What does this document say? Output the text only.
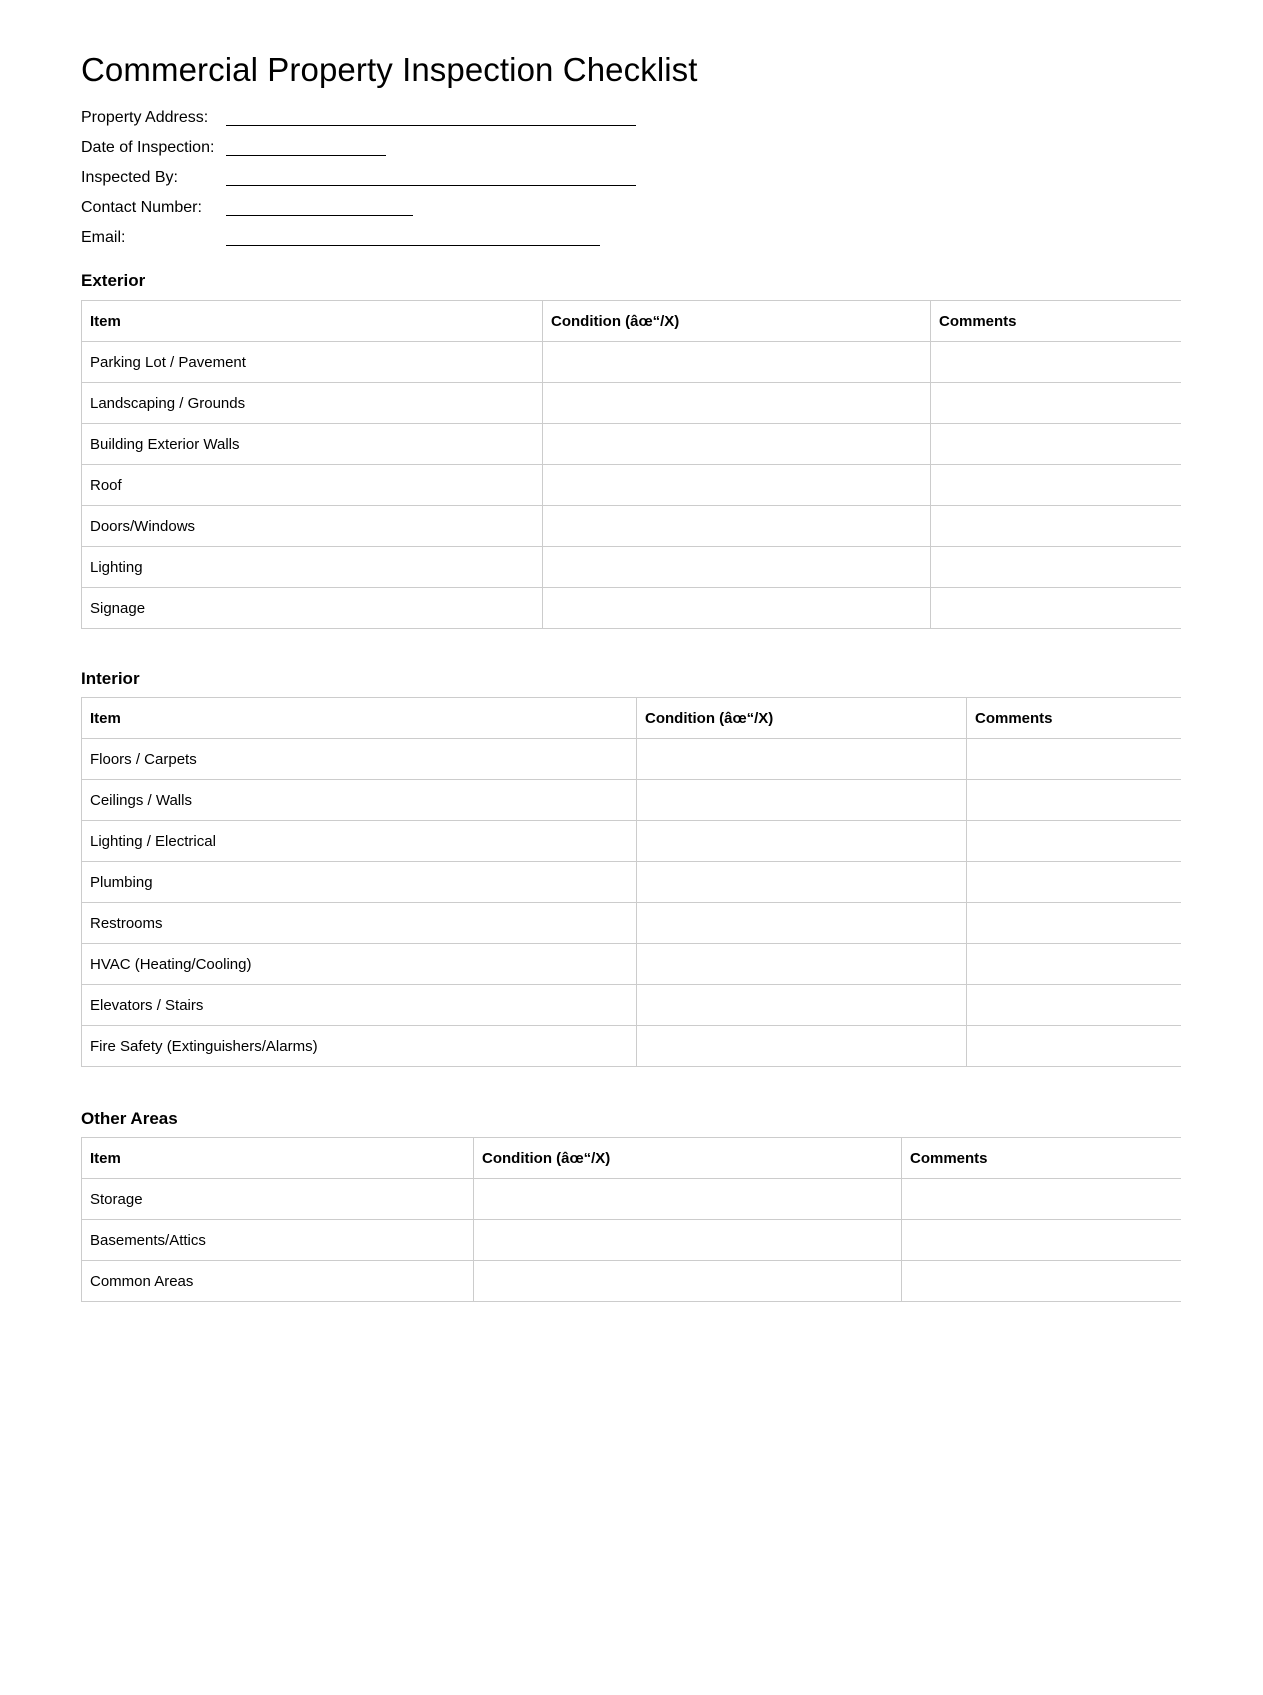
Commercial Property Inspection Checklist
Property Address:
Date of Inspection:
Inspected By:
Contact Number:
Email:
Exterior
Item	Condition (âœ“/X)	Comments
Parking Lot / Pavement		
Landscaping / Grounds		
Building Exterior Walls		
Roof		
Doors/Windows		
Lighting		
Signage		
Interior
Item	Condition (âœ“/X)	Comments
Floors / Carpets		
Ceilings / Walls		
Lighting / Electrical		
Plumbing		
Restrooms		
HVAC (Heating/Cooling)		
Elevators / Stairs		
Fire Safety (Extinguishers/Alarms)		
Other Areas
Item	Condition (âœ“/X)	Comments
Storage		
Basements/Attics		
Common Areas		
